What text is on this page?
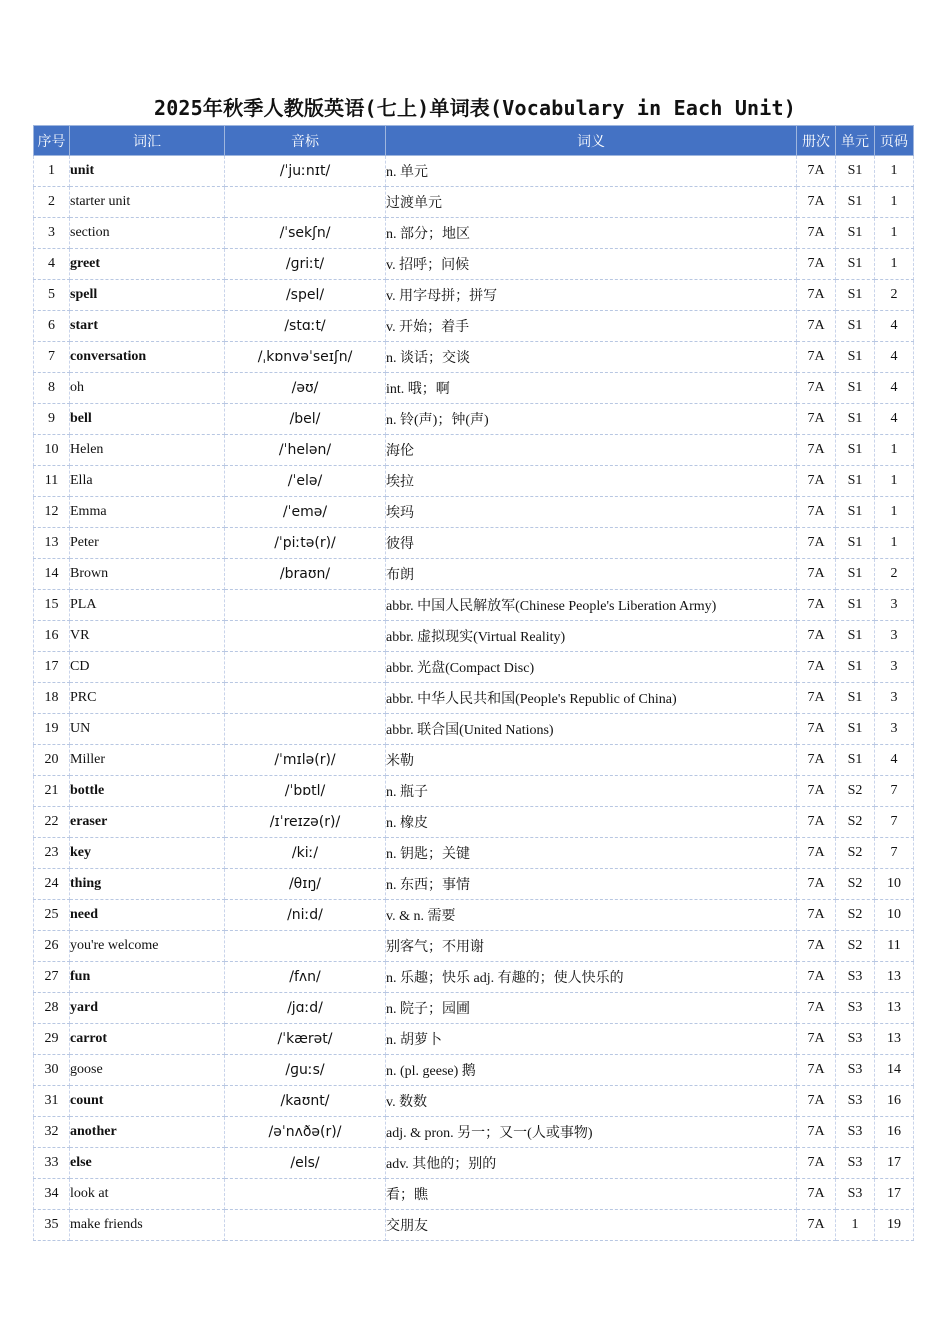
2025年秋季人教版英语(七上)单词表(Vocabulary in Each Unit)
序号	词汇	音标	词义	册次	单元	页码
1	unit	/ˈjuːnɪt/	n. 单元	7A	S1	1
2	starter unit		过渡单元	7A	S1	1
3	section	/ˈsekʃn/	n. 部分；地区	7A	S1	1
4	greet	/ɡriːt/	v. 招呼；问候	7A	S1	1
5	spell	/spel/	v. 用字母拼；拼写	7A	S1	2
6	start	/stɑːt/	v. 开始；着手	7A	S1	4
7	conversation	/ˌkɒnvəˈseɪʃn/	n. 谈话；交谈	7A	S1	4
8	oh	/əʊ/	int. 哦；啊	7A	S1	4
9	bell	/bel/	n. 铃(声)；钟(声)	7A	S1	4
10	Helen	/ˈhelən/	海伦	7A	S1	1
11	Ella	/ˈelə/	埃拉	7A	S1	1
12	Emma	/ˈemə/	埃玛	7A	S1	1
13	Peter	/ˈpiːtə(r)/	彼得	7A	S1	1
14	Brown	/braʊn/	布朗	7A	S1	2
15	PLA		abbr. 中国人民解放军(Chinese People's Liberation Army)	7A	S1	3
16	VR		abbr. 虚拟现实(Virtual Reality)	7A	S1	3
17	CD		abbr. 光盘(Compact Disc)	7A	S1	3
18	PRC		abbr. 中华人民共和国(People's Republic of China)	7A	S1	3
19	UN		abbr. 联合国(United Nations)	7A	S1	3
20	Miller	/ˈmɪlə(r)/	米勒	7A	S1	4
21	bottle	/ˈbɒtl/	n. 瓶子	7A	S2	7
22	eraser	/ɪˈreɪzə(r)/	n. 橡皮	7A	S2	7
23	key	/kiː/	n. 钥匙；关键	7A	S2	7
24	thing	/θɪŋ/	n. 东西；事情	7A	S2	10
25	need	/niːd/	v. & n. 需要	7A	S2	10
26	you're welcome		别客气；不用谢	7A	S2	11
27	fun	/fʌn/	n. 乐趣；快乐 adj. 有趣的；使人快乐的	7A	S3	13
28	yard	/jɑːd/	n. 院子；园圃	7A	S3	13
29	carrot	/ˈkærət/	n. 胡萝卜	7A	S3	13
30	goose	/ɡuːs/	n. (pl. geese) 鹅	7A	S3	14
31	count	/kaʊnt/	v. 数数	7A	S3	16
32	another	/əˈnʌðə(r)/	adj. & pron. 另一；又一(人或事物)	7A	S3	16
33	else	/els/	adv. 其他的；别的	7A	S3	17
34	look at		看；瞧	7A	S3	17
35	make friends		交朋友	7A	1	19
